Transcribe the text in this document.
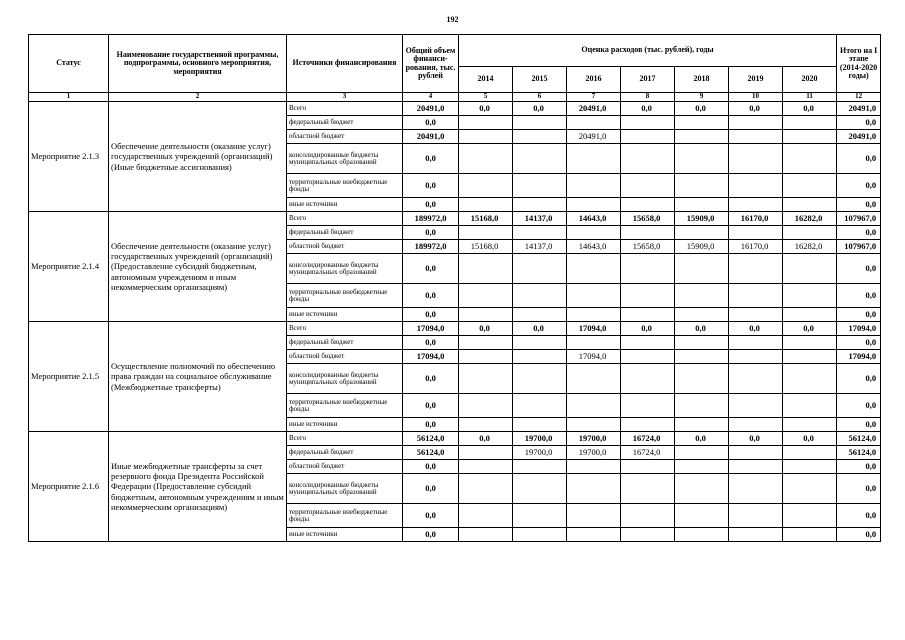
192
Статус	Наименование государственной программы, подпрограммы, основного мероприятия, мероприятия	Источники финансирования	Общий объем финанси-рования, тыс. рублей	Оценка расходов (тыс. рублей), годы							Итого на I этапе (2014-2020 годы)
				2014	2015	2016	2017	2018	2019	2020	
1	2	3	4	5	6	7	8	9	10	11	12
Мероприятие 2.1.3	Обеспечение деятельности (оказание услуг) государственных учреждений (организаций) (Иные бюджетные ассигнования)	Всего	20491,0	0,0	0,0	20491,0	0,0	0,0	0,0	0,0	20491,0
		федеральный бюджет	0,0								0,0
		областной бюджет	20491,0			20491,0					20491,0
		консолидированные бюджеты муниципальных образований	0,0								0,0
		территориальные внебюджетные фонды	0,0								0,0
		иные источники	0,0								0,0
Мероприятие 2.1.4	Обеспечение деятельности (оказание услуг) государственных учреждений (организаций) (Предоставление субсидий бюджетным, автономным учреждениям и иным некоммерческим организациям)	Всего	189972,0	15168,0	14137,0	14643,0	15658,0	15909,0	16170,0	16282,0	107967,0
		федеральный бюджет	0,0								0,0
		областной бюджет	189972,0	15168,0	14137,0	14643,0	15658,0	15909,0	16170,0	16282,0	107967,0
		консолидированные бюджеты муниципальных образований	0,0								0,0
		территориальные внебюджетные фонды	0,0								0,0
		иные источники	0,0								0,0
Мероприятие 2.1.5	Осуществление полномочий по обеспечению права граждан на социальное обслуживание (Межбюджетные трансферты)	Всего	17094,0	0,0	0,0	17094,0	0,0	0,0	0,0	0,0	17094,0
		федеральный бюджет	0,0								0,0
		областной бюджет	17094,0			17094,0					17094,0
		консолидированные бюджеты муниципальных образований	0,0								0,0
		территориальные внебюджетные фонды	0,0								0,0
		иные источники	0,0								0,0
Мероприятие 2.1.6	Иные межбюджетные трансферты за счет резервного фонда Президента Российской Федерации (Предоставление субсидий бюджетным, автономным учреждениям и иным некоммерческим организациям)	Всего	56124,0	0,0	19700,0	19700,0	16724,0	0,0	0,0	0,0	56124,0
		федеральный бюджет	56124,0		19700,0	19700,0	16724,0				56124,0
		областной бюджет	0,0								0,0
		консолидированные бюджеты муниципальных образований	0,0								0,0
		территориальные внебюджетные фонды	0,0								0,0
		иные источники	0,0								0,0
